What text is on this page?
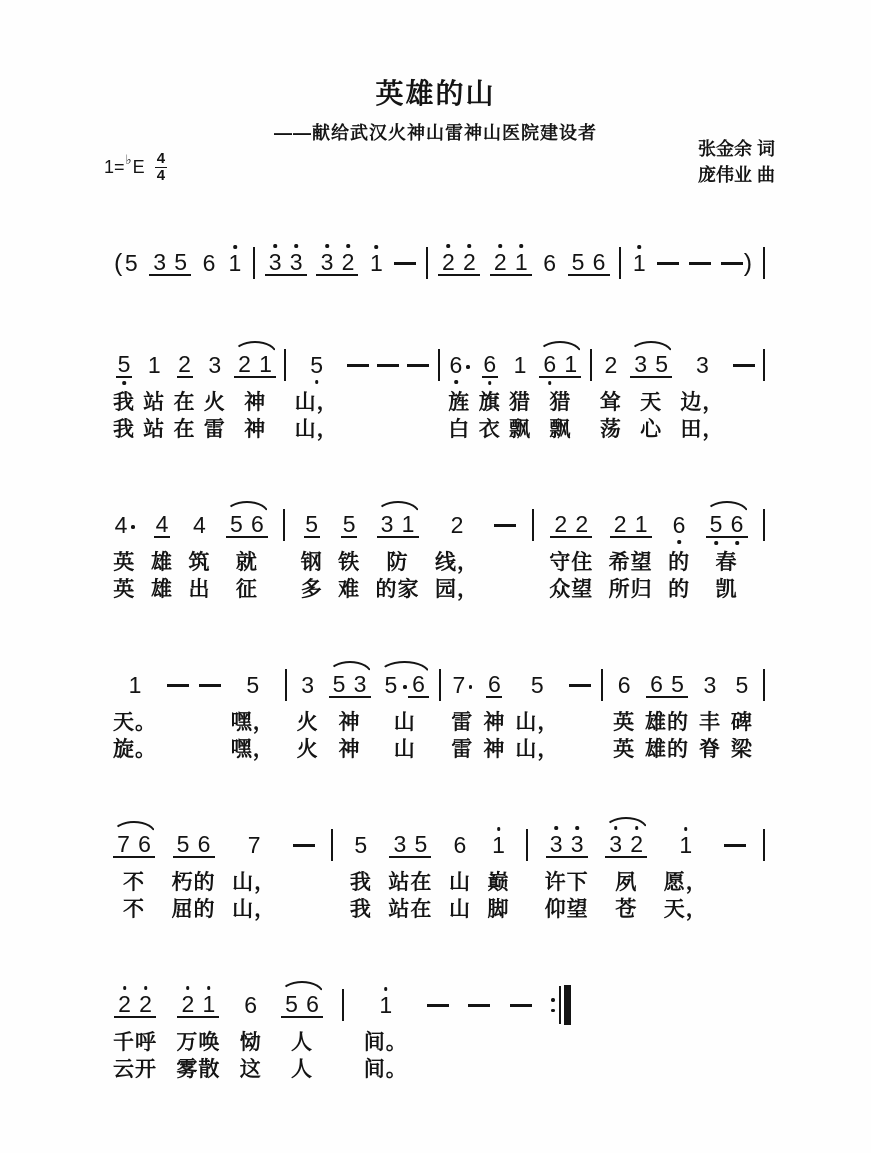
英雄的山
——献给武汉火神山雷神山医院建设者
张金余 词
庞伟业 曲
1= ♭ E $\frac{4}{4}$
( 5 3 5 6 1 3 3 3 2 1	2 2 2 1 6 5 6 1	)
5
我
我
1
站
站
2
在
在
3
火
雷
2 1
神
神
5
山，
山，
6
旌
白
6
旗
衣
1
猎
飘
6 1
猎
飘
2
耸
荡
3 5
天
心
3
边，
田，
4
英
英
4
雄
雄
4
筑
出
5 6
就
征
5
钢
多
5
铁
难
3 1
防
的家
2
线，
园，
2 2
守住
众望
2 1
希望
所归
6
的
的
5 6
春
凯
1
天。
旋。
5
嘿，
嘿，
3
火
火
5 3
神
神
5 6
山
山
7
雷
雷
6
神
神
5
山，
山，
6
英
英
6 5
雄的
雄的
3
丰
脊
5
碑
梁
7 6
不
不
5 6
朽的
屈的
7
山，
山，
5
我
我
3 5
站在
站在
6
山
山
1
巅
脚
3 3
许下
仰望
3 2
夙
苍
1
愿，
天，
2 2
千呼
云开
2 1
万唤
雾散
6
恸
这
5 6
人
人
1
间。
间。
